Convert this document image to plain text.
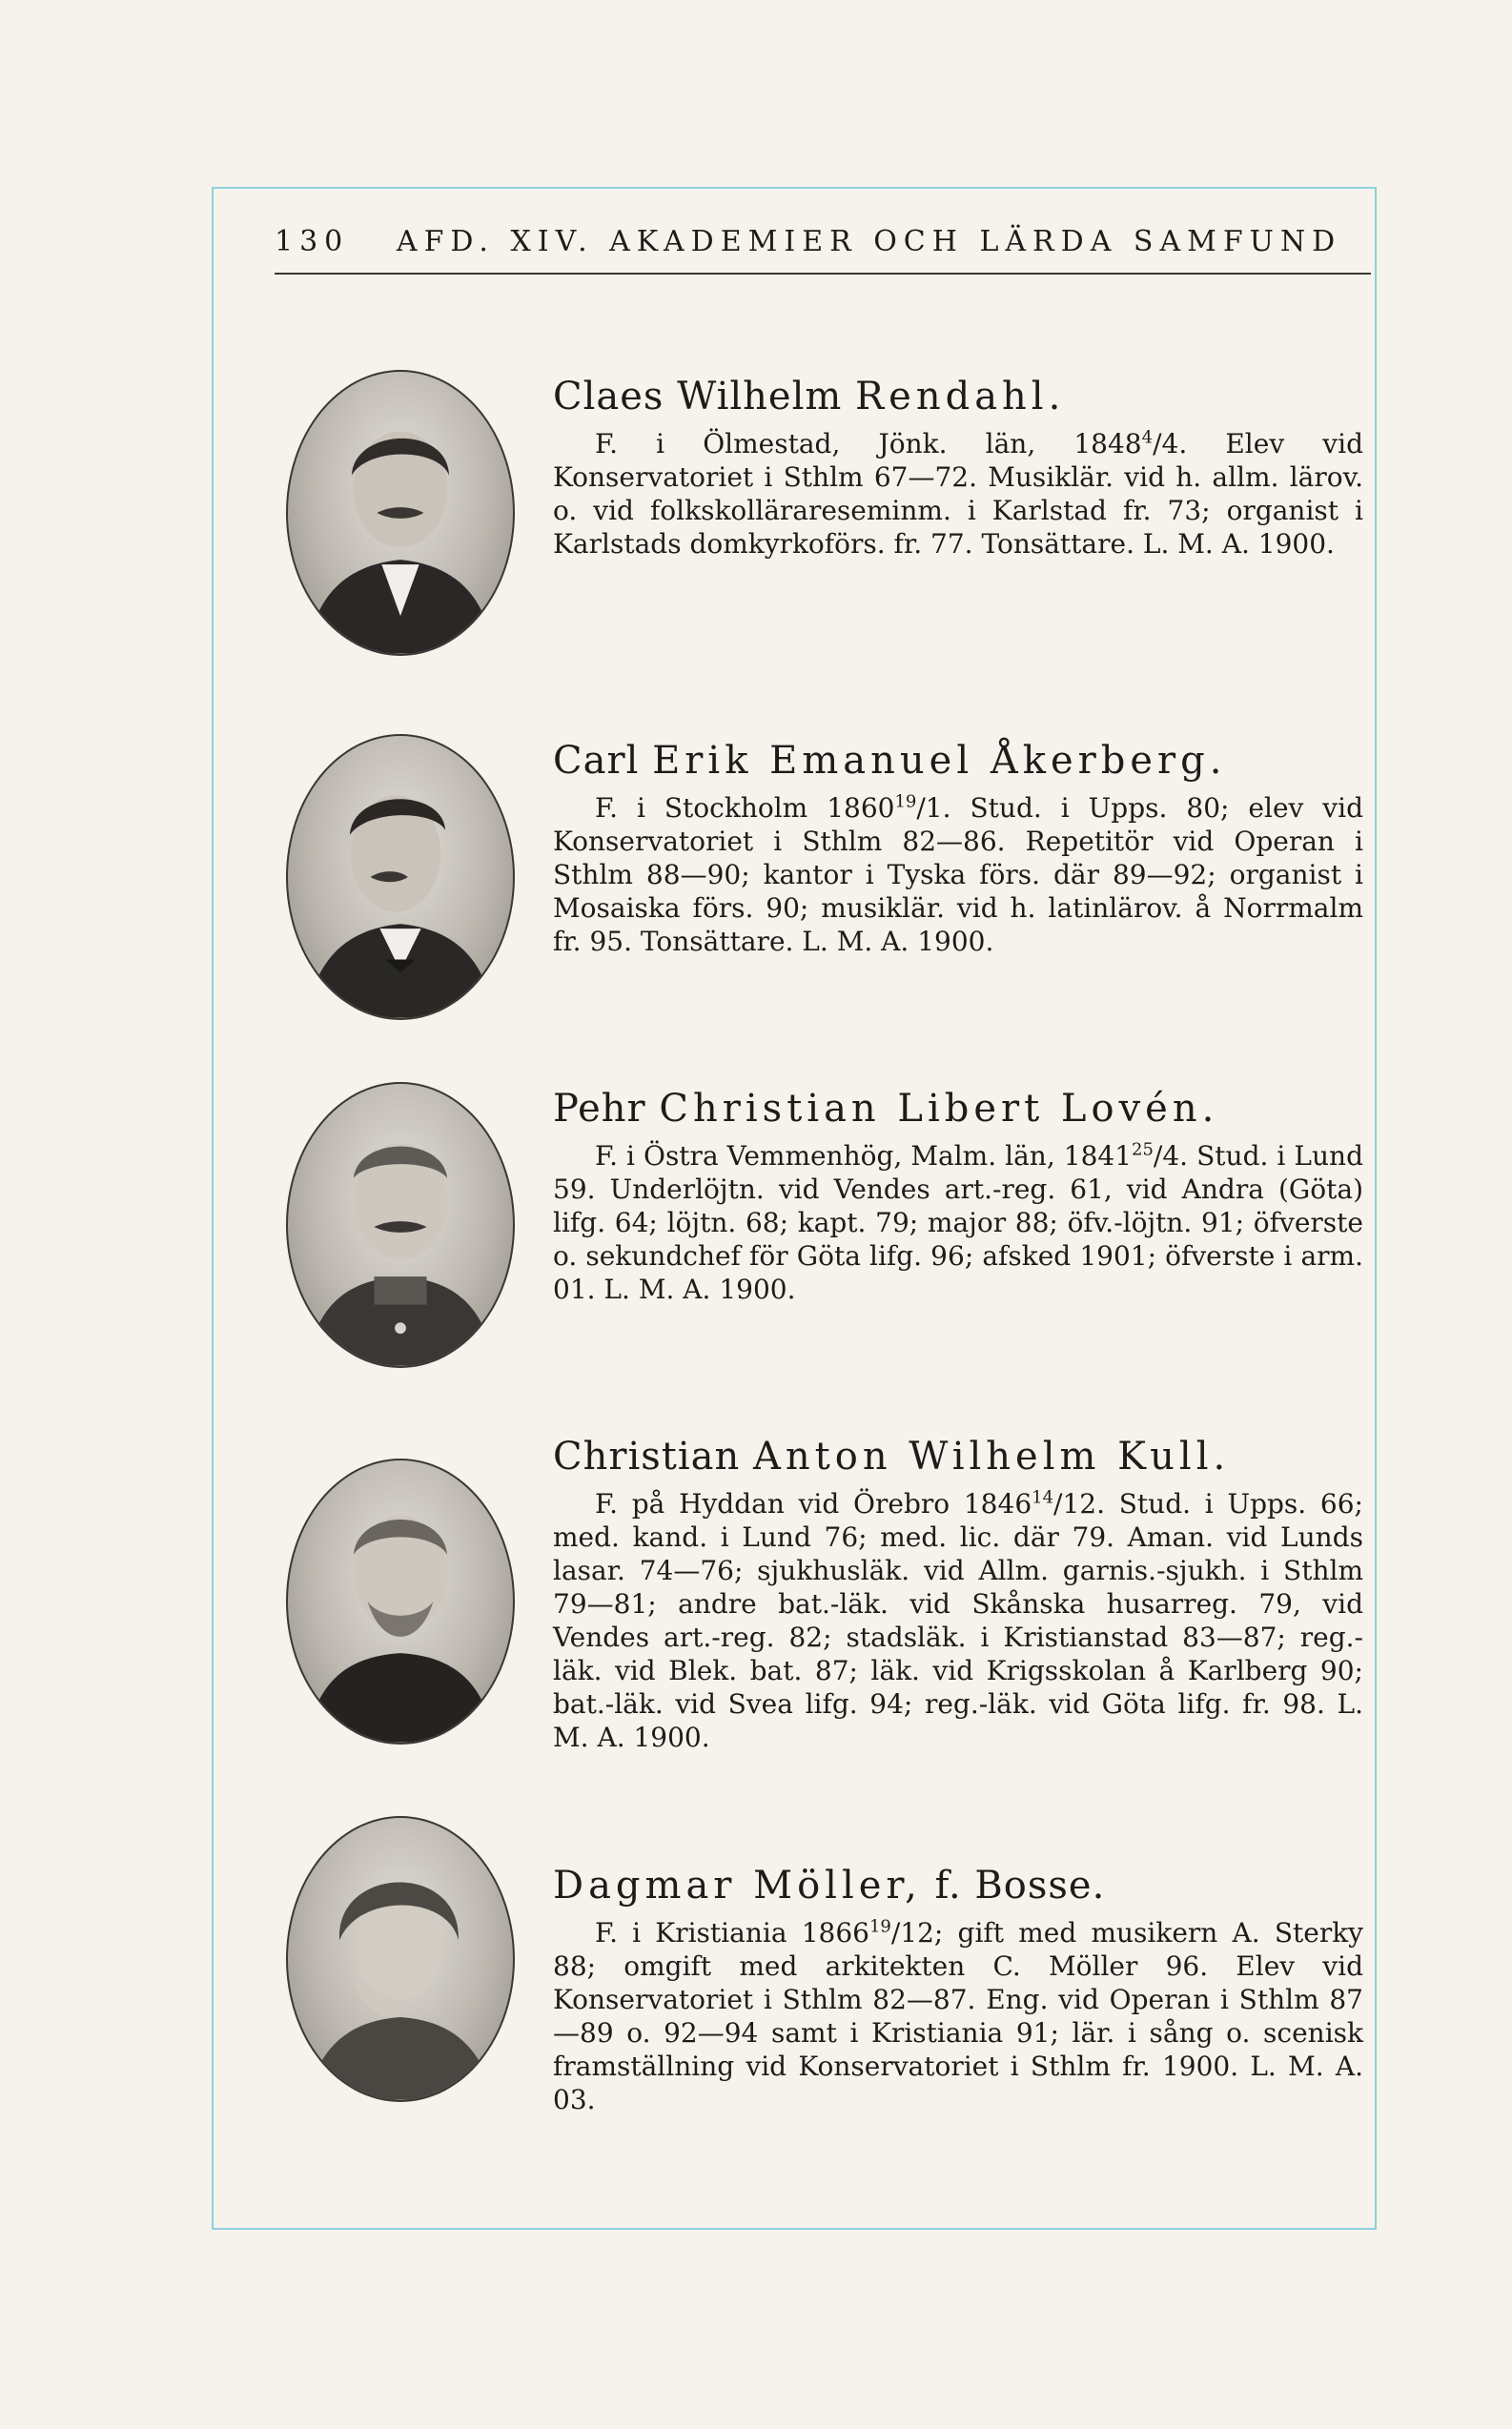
130 AFD. XIV. AKADEMIER OCH LÄRDA SAMFUND
Claes Wilhelm Rendahl.

F. i Ölmestad, Jönk. län, 1848$^4$/4. Elev vid Konservatoriet i Sthlm 67—72. Musiklär. vid h. allm. lärov. o. vid folkskollärareseminm. i Karlstad fr. 73; organist i Karlstads domkyrkoförs. fr. 77. Tonsättare. L. M. A. 1900.

Carl Erik Emanuel Åkerberg.

F. i Stockholm 1860$^{19}$/1. Stud. i Upps. 80; elev vid Konservatoriet i Sthlm 82—86. Repetitör vid Operan i Sthlm 88—90; kantor i Tyska förs. där 89—92; organist i Mosaiska förs. 90; musiklär. vid h. latinlärov. å Norrmalm fr. 95. Tonsättare. L. M. A. 1900.

Pehr Christian Libert Lovén.

F. i Östra Vemmenhög, Malm. län, 1841$^{25}$/4. Stud. i Lund 59. Underlöjtn. vid Vendes art.-reg. 61, vid Andra (Göta) lifg. 64; löjtn. 68; kapt. 79; major 88; öfv.-löjtn. 91; öfverste o. sekundchef för Göta lifg. 96; afsked 1901; öfverste i arm. 01. L. M. A. 1900.

Christian Anton Wilhelm Kull.

F. på Hyddan vid Örebro 1846$^{14}$/12. Stud. i Upps. 66; med. kand. i Lund 76; med. lic. där 79. Aman. vid Lunds lasar. 74—76; sjukhusläk. vid Allm. garnis.-sjukh. i Sthlm 79—81; andre bat.-läk. vid Skånska husarreg. 79, vid Vendes art.-reg. 82; stadsläk. i Kristianstad 83—87; reg.-läk. vid Blek. bat. 87; läk. vid Krigsskolan å Karlberg 90; bat.-läk. vid Svea lifg. 94; reg.-läk. vid Göta lifg. fr. 98. L. M. A. 1900.

Dagmar Möller, f. Bosse.

F. i Kristiania 1866$^{19}$/12; gift med musikern A. Sterky 88; omgift med arkitekten C. Möller 96. Elev vid Konservatoriet i Sthlm 82—87. Eng. vid Operan i Sthlm 87—89 o. 92—94 samt i Kristiania 91; lär. i sång o. scenisk framställning vid Konservatoriet i Sthlm fr. 1900. L. M. A. 03.
